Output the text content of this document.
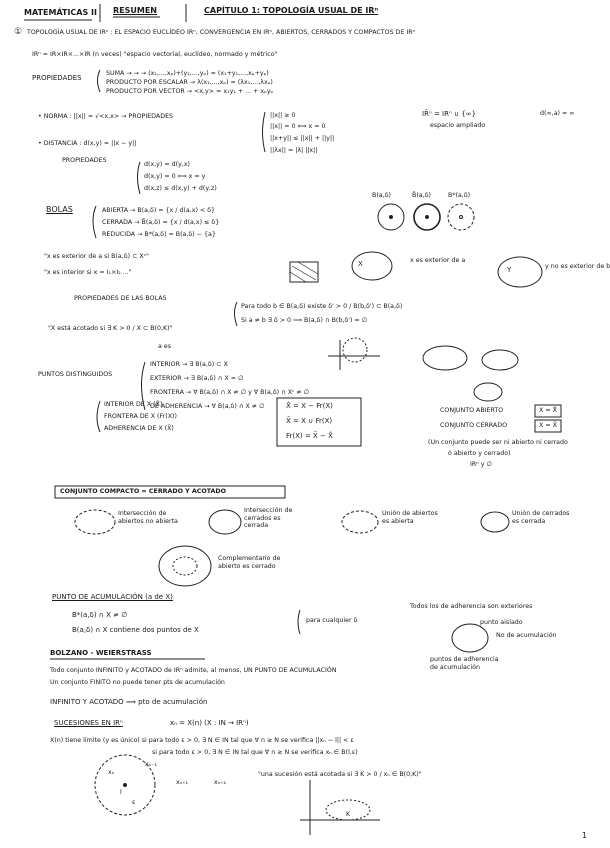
MATEMÁTICAS II RESUMEN	CAPÍTULO 1: TOPOLOGÍA USUAL DE IRⁿ
① TOPOLOGÍA USUAL DE IRⁿ : EL ESPACIO EUCLÍDEO IRⁿ, CONVERGENCIA EN IRⁿ, ABIERTOS, CERRADOS Y COMPACTOS DE IRⁿ
IRⁿ = IR×IR×...×IR (n veces) "espacio vectorial, euclídeo, normado y métrico"
PROPIEDADES
SUMA → → → (x₁,...,xₚ)+(y₁,...,yₚ) = (x₁+y₁,...,xₚ+yₚ)
PRODUCTO POR ESCALAR → λ(x₁,...,xₚ) = (λx₁,...,λxₚ)
PRODUCTO POR VECTOR → <x,y> = x₁y₁ + ... + xₚyₚ
• NORMA : ||x|| = √<x,x> → PROPIEDADES	||x|| ≥ 0
||x|| = 0 ⟺ x = 0
||x+y|| ≤ ||x|| + ||y||
||λx|| = |λ| ||x||
IR̄ⁿ = IRⁿ ∪ {∞}
espacio ampliado
d(∞,a) = ∞
• DISTANCIA : d(x,y) = ||x − y||
PROPIEDADES
d(x,y) = d(y,x)
d(x,y) = 0 ⟺ x = y
d(x,z) ≤ d(x,y) + d(y,z)
BOLAS	ABIERTA → B(a,δ) = {x / d(a,x) < δ}
CERRADA → B̄(a,δ) = {x / d(a,x) ≤ δ}
REDUCIDA → B*(a,δ) = B(a,δ) − {a}
B(a,δ)	B̄(a,δ)	B*(a,δ)
"x es exterior de a si B(a,δ) ⊂ Xᶜ"
"x es interior si x = I₁×I₂ ..."
X	x es exterior de a
Y	y no es exterior de b
PROPIEDADES DE LAS BOLAS
Para todo b ∈ B(a,δ) existe δ' > 0 / B(b,δ') ⊂ B(a,δ)
Si a ≠ b ∃ δ > 0 ⟹ B(a,δ) ∩ B(b,δ') = ∅
"X está acotado si ∃ K > 0 / X ⊂ B(0,K)"
a es
PUNTOS DISTINGUIDOS
INTERIOR → ∃ B(a,δ) ⊂ X
EXTERIOR → ∃ B(a,δ) ∩ X = ∅
FRONTERA → ∀ B(a,δ) ∩ X ≠ ∅ y ∀ B(a,δ) ∩ Xᶜ ≠ ∅
DE ADHERENCIA → ∀ B(a,δ) ∩ X ≠ ∅
INTERIOR DE X (X̊)
FRONTERA DE X (Fr(X))
ADHERENCIA DE X (X̄)
X̊ = X − Fr(X)
X̄ = X ∪ Fr(X)
Fr(X) = X̄ − X̊
CONJUNTO ABIERTO	X = X̊
CONJUNTO CERRADO	X = X̄
(Un conjunto puede ser ni abierto ni cerrado
ó abierto y cerrado)
IRⁿ y ∅
CONJUNTO COMPACTO = CERRADO Y ACOTADO
Intersección de abiertos no abierta
Intersección de cerrados es cerrada
Unión de abiertos es abierta
Unión de cerrados es cerrada
Complementario de abierto es cerrado
PUNTO DE ACUMULACIÓN (a de X)
B*(a,δ) ∩ X ≠ ∅
B(a,δ) ∩ X contiene dos puntos de X
para cualquier δ
Todos los de adherencia son exteriores
punto aislado
No de acumulación
puntos de adherencia de acumulación
BOLZANO - WEIERSTRASS
Todo conjunto INFINITO y ACOTADO de IRⁿ admite, al menos, UN PUNTO DE ACUMULACIÓN
Un conjunto FINITO no puede tener pts de acumulación
INFINITO Y ACOTADO ⟹ pto de acumulación
SUCESIONES EN IRⁿ	xₙ = X(n) (X : IN → IRⁿ)
X(n) tiene límite (y es único) si para todo ε > 0, ∃ N ∈ IN tal que ∀ n ≥ N se verifica ||xₙ − l|| < ε
si para todo ε > 0, ∃ N ∈ IN tal que ∀ n ≥ N se verifica xₙ ∈ B(l,ε)
"una sucesión está acotada si ∃ K > 0 / xₙ ∈ B(0,K)"
xₙ
xₙ₋₁
xₙ₊₁	xₙ₊₂
l
ε
K
1
